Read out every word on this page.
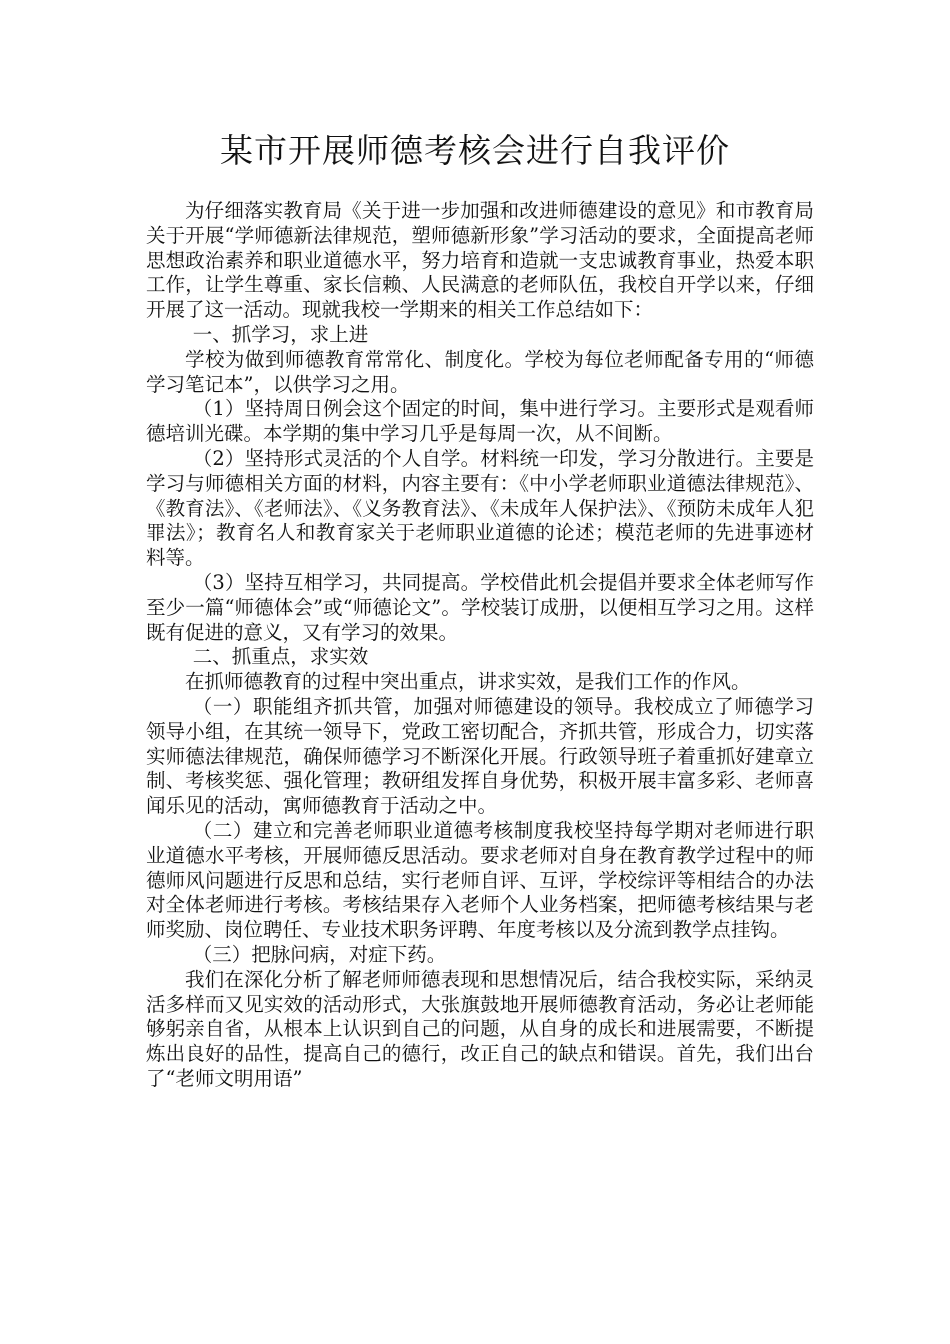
某市开展师德考核会进行自我评价

为仔细落实教育局《关于进一步加强和改进师德建设的意见》和市教育局关于开展“学师德新法律规范，塑师德新形象”学习活动的要求，全面提高老师思想政治素养和职业道德水平，努力培育和造就一支忠诚教育事业，热爱本职工作，让学生尊重、家长信赖、人民满意的老师队伍，我校自开学以来，仔细开展了这一活动。现就我校一学期来的相关工作总结如下：

一、抓学习，求上进

学校为做到师德教育常常化、制度化。学校为每位老师配备专用的“师德学习笔记本”，以供学习之用。

（1）坚持周日例会这个固定的时间，集中进行学习。主要形式是观看师德培训光碟。本学期的集中学习几乎是每周一次，从不间断。

（2）坚持形式灵活的个人自学。材料统一印发，学习分散进行。主要是学习与师德相关方面的材料，内容主要有：《中小学老师职业道德法律规范》、《教育法》、《老师法》、《义务教育法》、《未成年人保护法》、《预防未成年人犯罪法》；教育名人和教育家关于老师职业道德的论述；模范老师的先进事迹材料等。

（3）坚持互相学习，共同提高。学校借此机会提倡并要求全体老师写作至少一篇“师德体会”或“师德论文”。学校装订成册，以便相互学习之用。这样既有促进的意义，又有学习的效果。

二、抓重点，求实效

在抓师德教育的过程中突出重点，讲求实效，是我们工作的作风。

（一）职能组齐抓共管，加强对师德建设的领导。我校成立了师德学习领导小组，在其统一领导下，党政工密切配合，齐抓共管，形成合力，切实落实师德法律规范，确保师德学习不断深化开展。行政领导班子着重抓好建章立制、考核奖惩、强化管理；教研组发挥自身优势，积极开展丰富多彩、老师喜闻乐见的活动，寓师德教育于活动之中。

（二）建立和完善老师职业道德考核制度我校坚持每学期对老师进行职业道德水平考核，开展师德反思活动。要求老师对自身在教育教学过程中的师德师风问题进行反思和总结，实行老师自评、互评，学校综评等相结合的办法对全体老师进行考核。考核结果存入老师个人业务档案，把师德考核结果与老师奖励、岗位聘任、专业技术职务评聘、年度考核以及分流到教学点挂钩。

（三）把脉问病，对症下药。

我们在深化分析了解老师师德表现和思想情况后，结合我校实际，采纳灵活多样而又见实效的活动形式，大张旗鼓地开展师德教育活动，务必让老师能够躬亲自省，从根本上认识到自己的问题，从自身的成长和进展需要，不断提炼出良好的品性，提高自己的德行，改正自己的缺点和错误。首先，我们出台了“老师文明用语”
